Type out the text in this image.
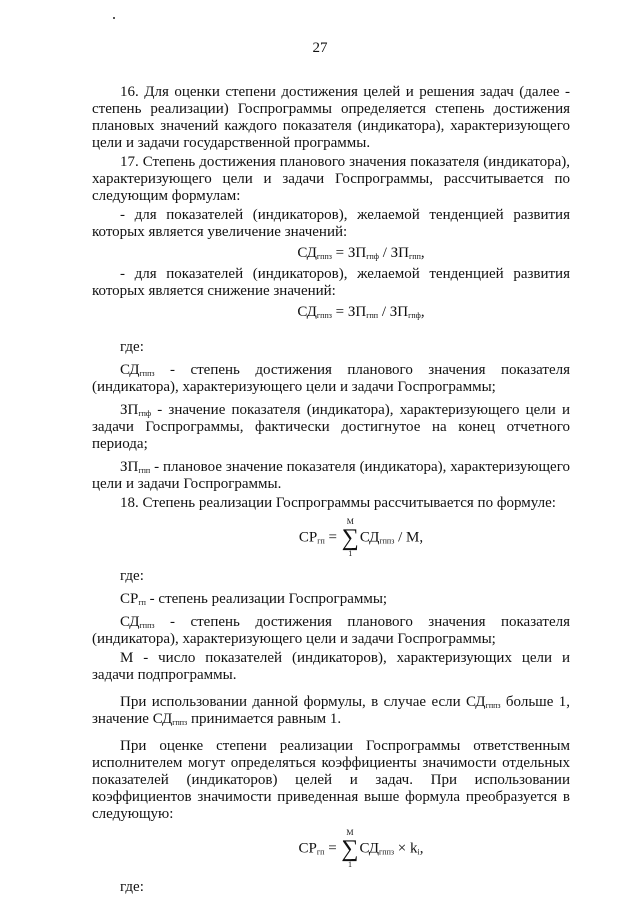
27

16. Для оценки степени достижения целей и решения задач (далее - степень реализации) Госпрограммы определяется степень достижения плановых значений каждого показателя (индикатора), характеризующего цели и задачи государственной программы.

17. Степень достижения планового значения показателя (индикатора), характеризующего цели и задачи Госпрограммы, рассчитывается по следующим формулам:

- для показателей (индикаторов), желаемой тенденцией развития которых является увеличение значений:

$СД_{гппз} = ЗП_{гпф} / ЗП_{гпп}$,

- для показателей (индикаторов), желаемой тенденцией развития которых является снижение значений:

$СД_{гппз} = ЗП_{гпп} / ЗП_{гпф}$,

где:

$СД_{гппз}$ - степень достижения планового значения показателя (индикатора), характеризующего цели и задачи Госпрограммы;

$ЗП_{гпф}$ - значение показателя (индикатора), характеризующего цели и задачи Госпрограммы, фактически достигнутое на конец отчетного периода;

$ЗП_{гпп}$ - плановое значение показателя (индикатора), характеризующего цели и задачи Госпрограммы.

18. Степень реализации Госпрограммы рассчитывается по формуле:

$СР_{гп}$ =
М
∑
1
$СД_{гппз}$ / М,

где:

$СР_{гп}$ - степень реализации Госпрограммы;

$СД_{гппз}$ - степень достижения планового значения показателя (индикатора), характеризующего цели и задачи Госпрограммы;

М - число показателей (индикаторов), характеризующих цели и задачи подпрограммы.

При использовании данной формулы, в случае если $СД_{гппз}$ больше 1, значение $СД_{гппз}$ принимается равным 1.

При оценке степени реализации Госпрограммы ответственным исполнителем могут определяться коэффициенты значимости отдельных показателей (индикаторов) целей и задач. При использовании коэффициентов значимости приведенная выше формула преобразуется в следующую:

$СР_{гп}$ =
М
∑
1
$СД_{гппз} \times k_i$,

где:
